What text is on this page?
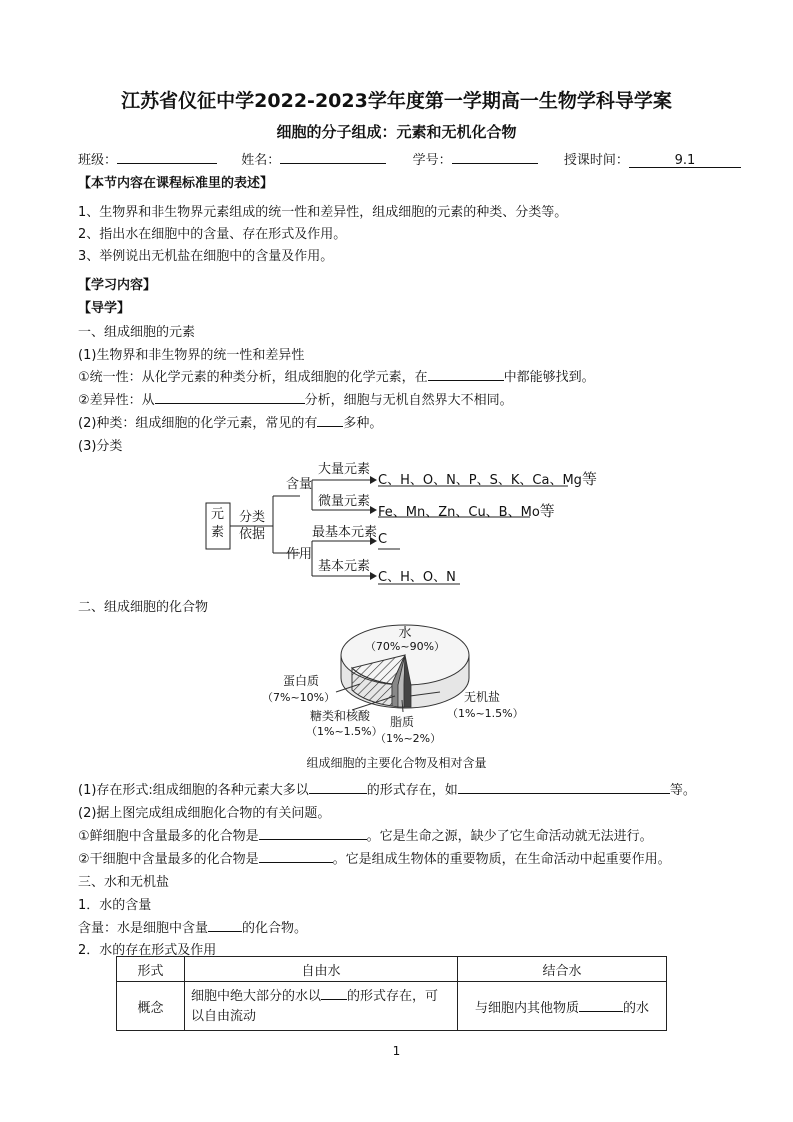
江苏省仪征中学2022-2023学年度第一学期高一生物学科导学案
细胞的分子组成：元素和无机化合物
班级：	姓名：	学号：	授课时间：	9.1
【本节内容在课程标准里的表述】
1、生物界和非生物界元素组成的统一性和差异性，组成细胞的元素的种类、分类等。
2、指出水在细胞中的含量、存在形式及作用。
3、举例说出无机盐在细胞中的含量及作用。
【学习内容】
【导学】
一、组成细胞的元素
(1)生物界和非生物界的统一性和差异性
①统一性：从化学元素的种类分析，组成细胞的化学元素，在	中都能够找到。
②差异性：从	分析，细胞与无机自然界大不相同。
(2)种类：组成细胞的化学元素，常见的有 多种。
(3)分类
元
素
分类
依据
含量
作用
大量元素
C、H、O、N、P、S、K、Ca、Mg等
微量元素
Fe、Mn、Zn、Cu、B、Mo等
最基本元素 C
基本元素
C、H、O、N
二、组成细胞的化合物
水
（70%~90%）
蛋白质
（7%~10%）
糖类和核酸
（1%~1.5%）
脂质
（1%~2%）
无机盐
（1%~1.5%）
组成细胞的主要化合物及相对含量
(1)存在形式:组成细胞的各种元素大多以	的形式存在，如	等。
(2)据上图完成组成细胞化合物的有关问题。
①鲜细胞中含量最多的化合物是	。它是生命之源，缺少了它生命活动就无法进行。
②干细胞中含量最多的化合物是	。它是组成生物体的重要物质，在生命活动中起重要作用。
三、水和无机盐
1．水的含量
含量：水是细胞中含量	的化合物。
2．水的存在形式及作用
形式	自由水	结合水
概念	细胞中绝大部分的水以 的形式存在，可
以自由流动	与细胞内其他物质 的水
1
